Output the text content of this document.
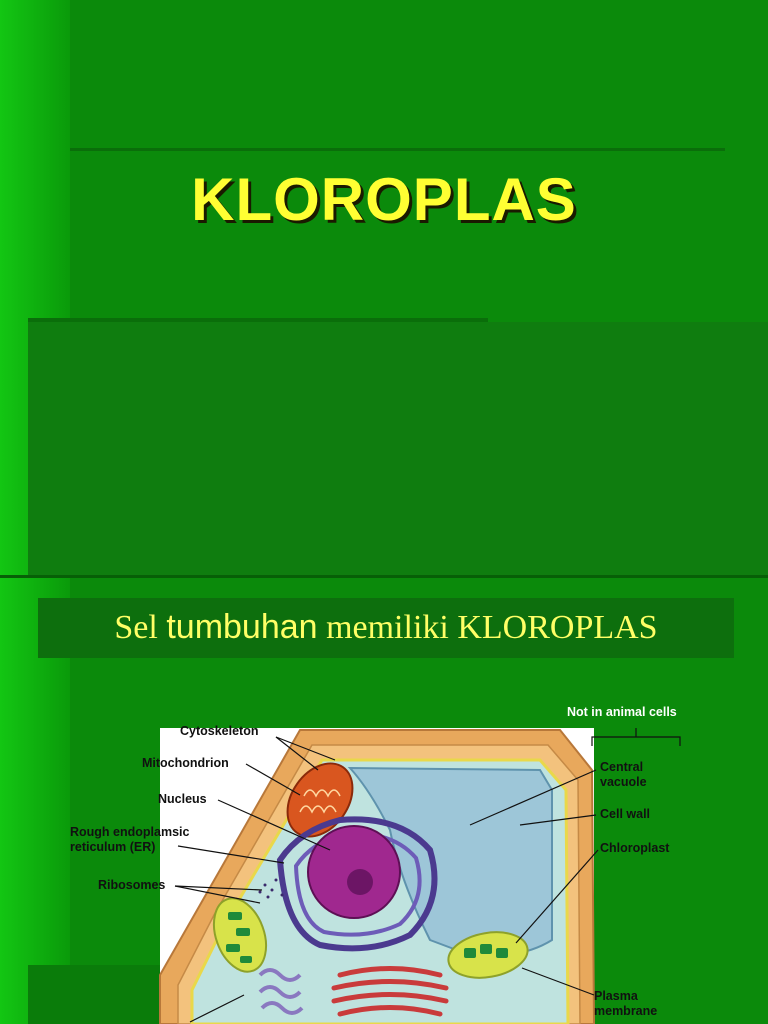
KLOROPLAS
Sel tumbuhan memiliki KLOROPLAS
Not in animal cells
Cytoskeleton
Mitochondrion
Nucleus
Rough endoplamsic
reticulum (ER)
Ribosomes
Central
vacuole
Cell wall
Chloroplast
Plasma
membrane
